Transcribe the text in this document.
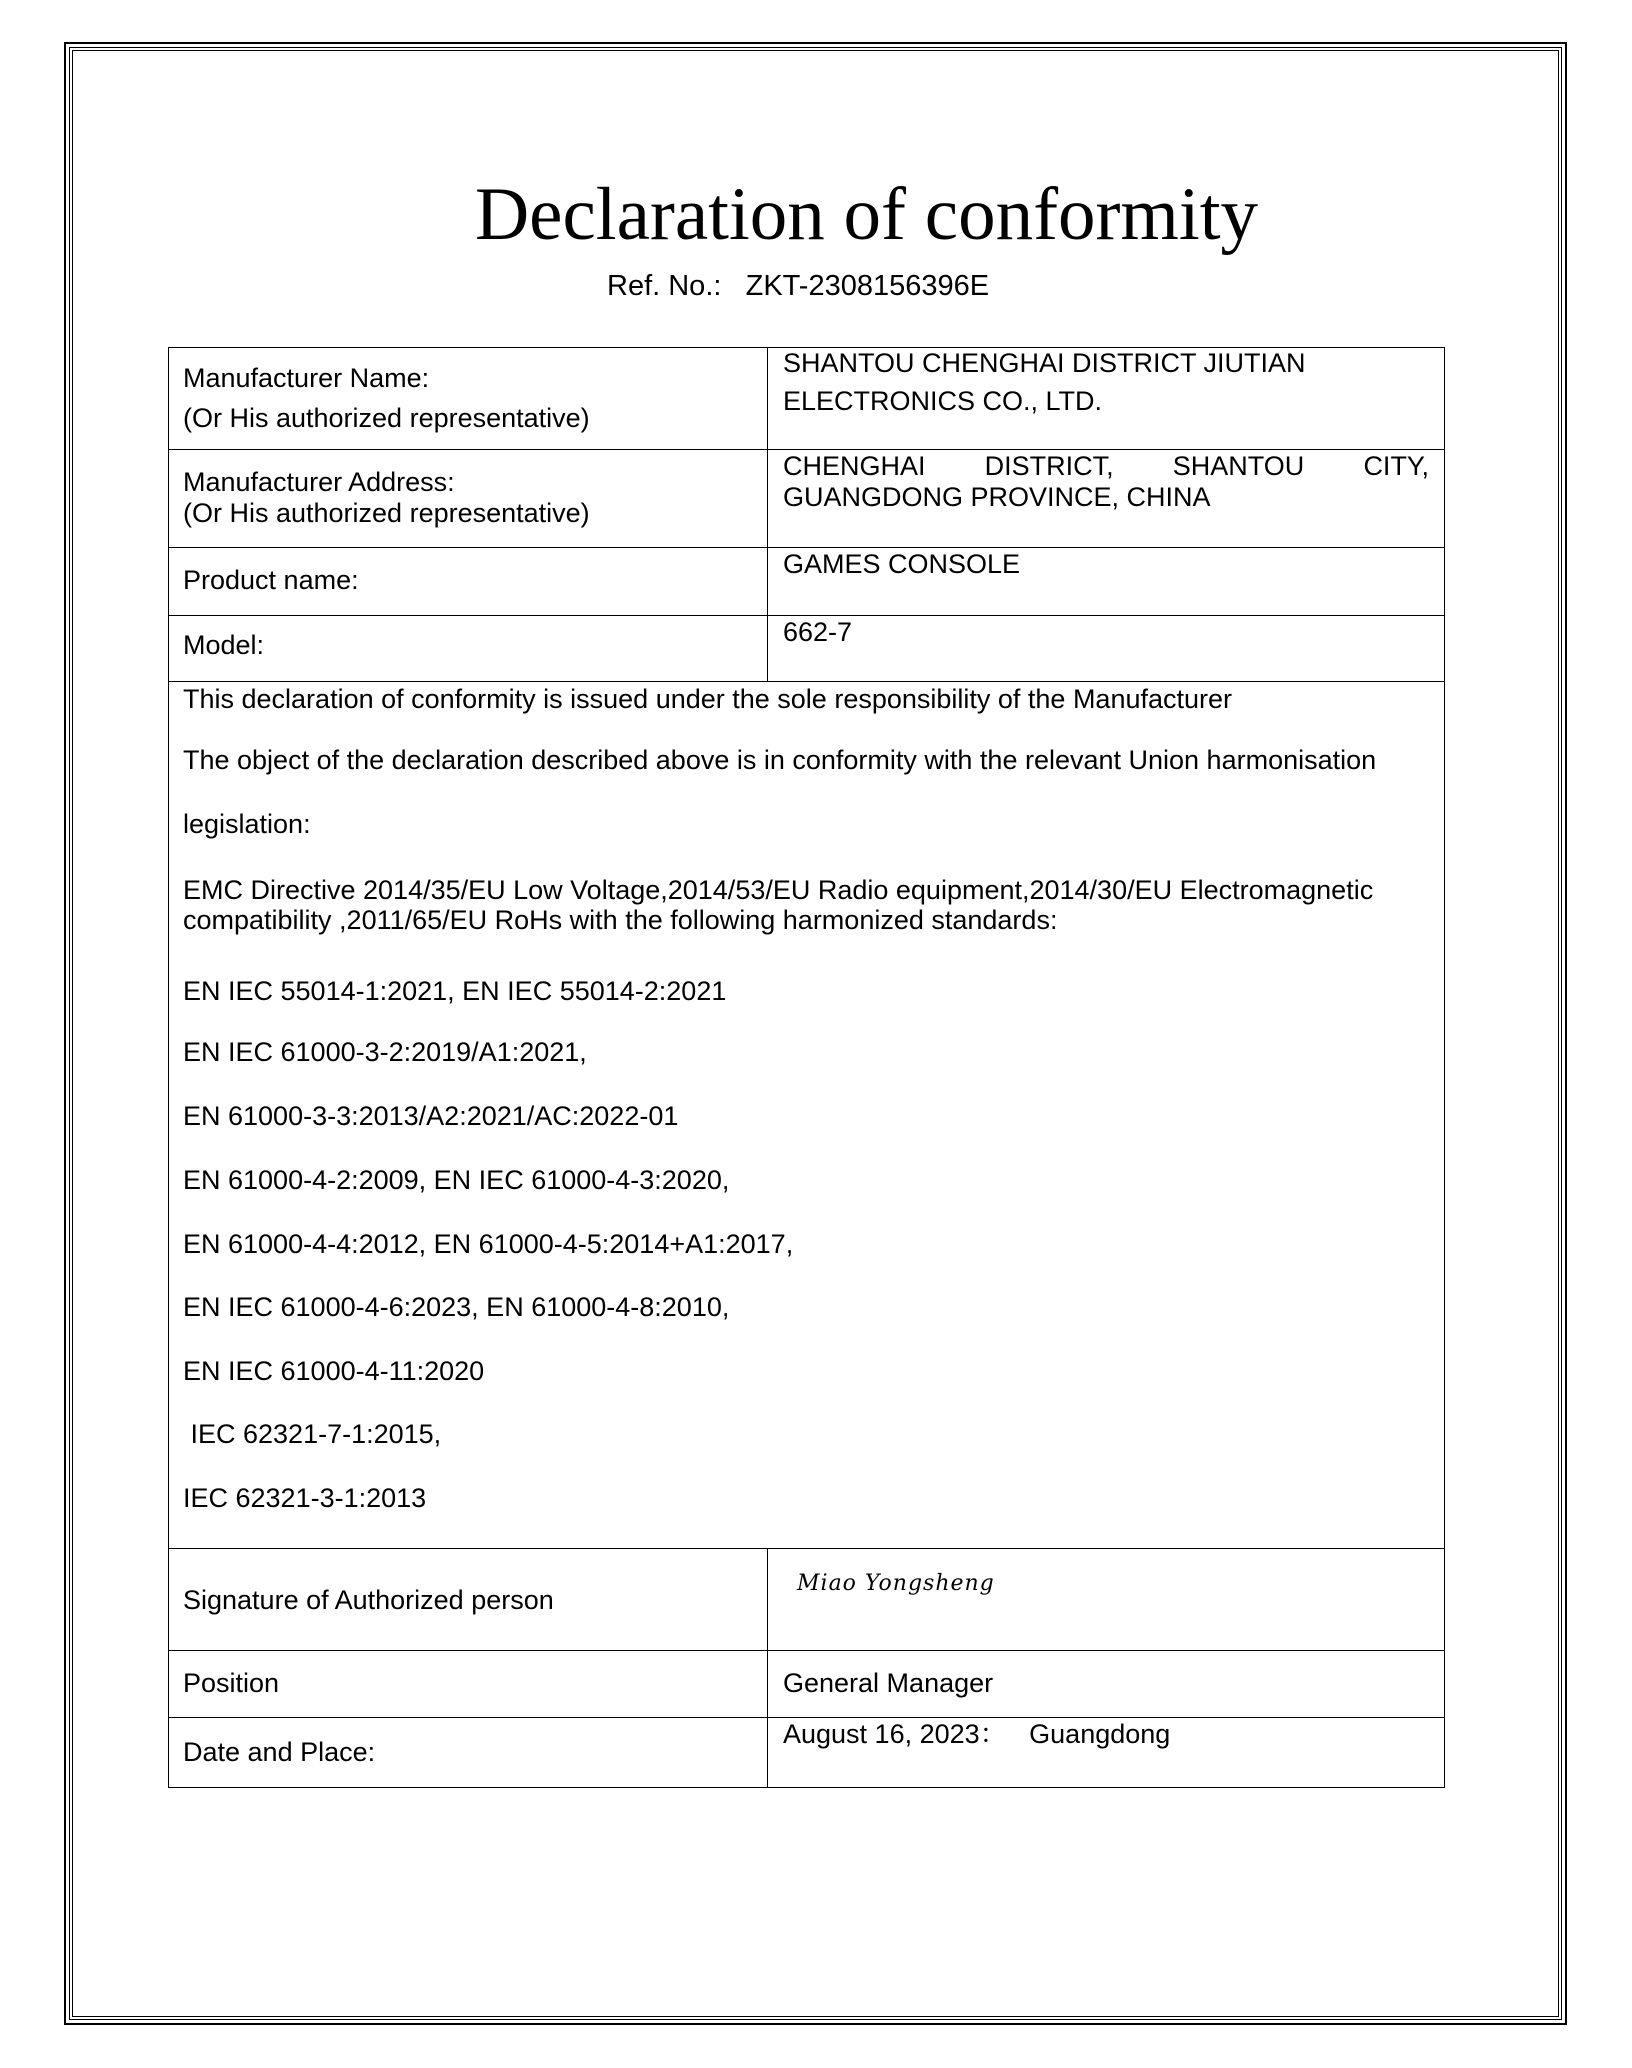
Declaration of conformity
Ref. No.: ZKT-2308156396E
Manufacturer Name:
(Or His authorized representative)
SHANTOU CHENGHAI DISTRICT JIUTIAN
ELECTRONICS CO., LTD.
Manufacturer Address:
(Or His authorized representative)
CHENGHAI DISTRICT, SHANTOU CITY,
GUANGDONG PROVINCE, CHINA
Product name:
GAMES CONSOLE
Model:	662-7
This declaration of conformity is issued under the sole responsibility of the Manufacturer
The object of the declaration described above is in conformity with the relevant Union harmonisation
legislation:
EMC Directive 2014/35/EU Low Voltage,2014/53/EU Radio equipment,2014/30/EU Electromagnetic
compatibility ,2011/65/EU RoHs with the following harmonized standards:
EN IEC 55014-1:2021, EN IEC 55014-2:2021
EN IEC 61000-3-2:2019/A1:2021,
EN 61000-3-3:2013/A2:2021/AC:2022-01
EN 61000-4-2:2009, EN IEC 61000-4-3:2020,
EN 61000-4-4:2012, EN 61000-4-5:2014+A1:2017,
EN IEC 61000-4-6:2023, EN 61000-4-8:2010,
EN IEC 61000-4-11:2020
IEC 62321-7-1:2015,
IEC 62321-3-1:2013
Signature of Authorized person
Miao Yongsheng
Position	General Manager
Date and Place:
August 16, 2023：   Guangdong
